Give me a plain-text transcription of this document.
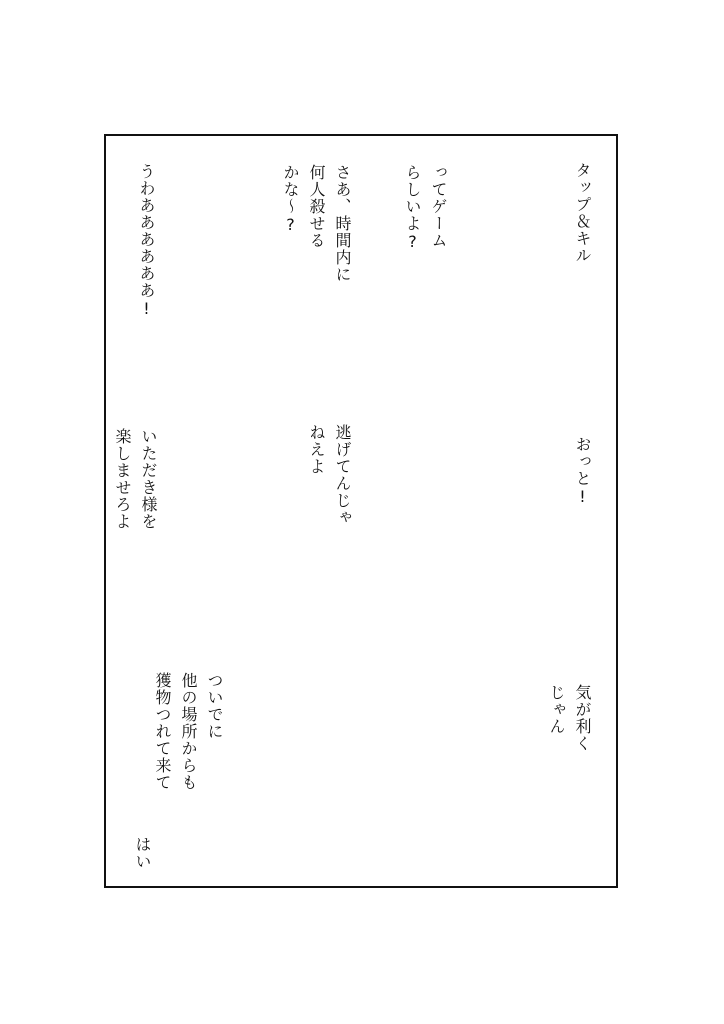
タップ＆キル
ってゲーム
らしいよ?
さあ、時間内に
何人殺せる
かな〜?
うわああああああ!
おっと!
逃げてんじゃ
ねえよ
いただき様を
楽しませろよ
気が利く
じゃん
ついでに
他の場所からも
獲物つれて来て
はい
